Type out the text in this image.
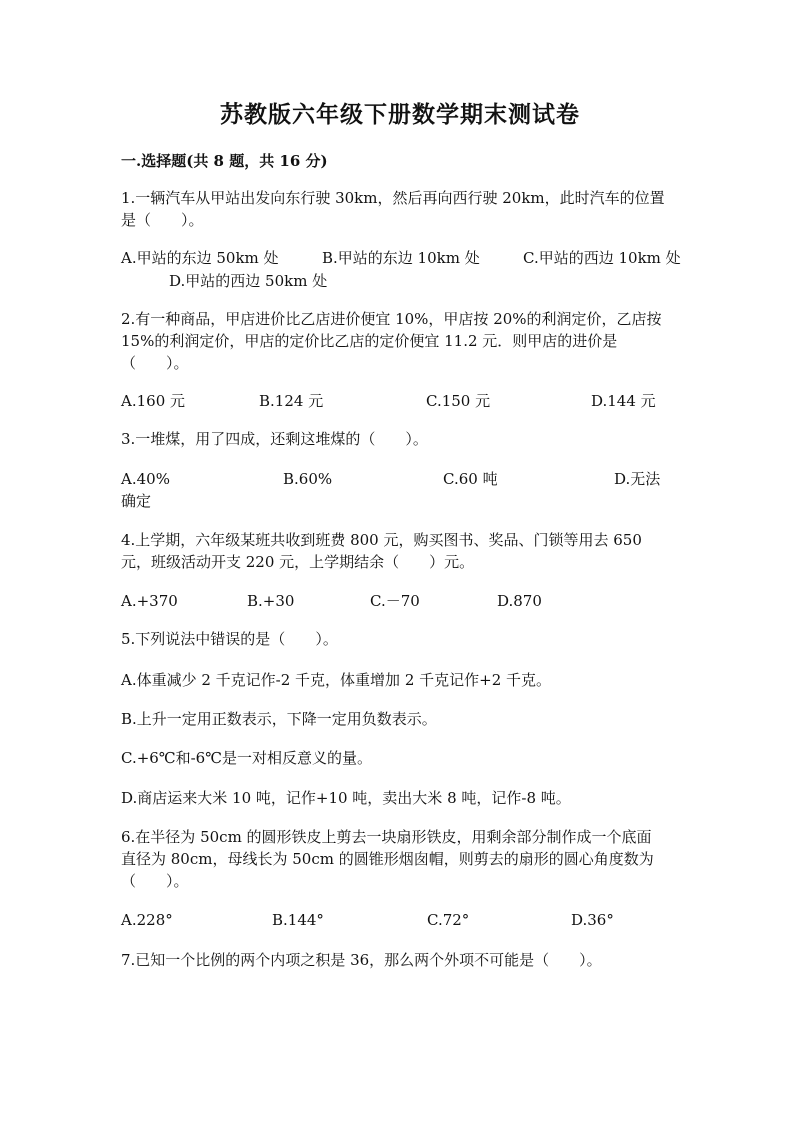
苏教版六年级下册数学期末测试卷
一.选择题(共 8 题，共 16 分)
1.一辆汽车从甲站出发向东行驶 30km，然后再向西行驶 20km，此时汽车的位置
是（　　）。
A.甲站的东边 50km 处	B.甲站的东边 10km 处	C.甲站的西边 10km 处
D.甲站的西边 50km 处
2.有一种商品，甲店进价比乙店进价便宜 10%，甲店按 20%的利润定价，乙店按
15%的利润定价，甲店的定价比乙店的定价便宜 11.2 元．则甲店的进价是
（　　）。
A.160 元	B.124 元	C.150 元	D.144 元
3.一堆煤，用了四成，还剩这堆煤的（　　）。
A.40%	B.60%	C.60 吨	D.无法
确定
4.上学期，六年级某班共收到班费 800 元，购买图书、奖品、门锁等用去 650
元，班级活动开支 220 元，上学期结余（　　）元。
A.+370	B.+30	C.－70	D.870
5.下列说法中错误的是（　　）。
A.体重减少 2 千克记作-2 千克，体重增加 2 千克记作+2 千克。
B.上升一定用正数表示，下降一定用负数表示。
C.+6℃和-6℃是一对相反意义的量。
D.商店运来大米 10 吨，记作+10 吨，卖出大米 8 吨，记作-8 吨。
6.在半径为 50cm 的圆形铁皮上剪去一块扇形铁皮，用剩余部分制作成一个底面
直径为 80cm，母线长为 50cm 的圆锥形烟囱帽，则剪去的扇形的圆心角度数为
（　　）。
A.228°	B.144°	C.72°	D.36°
7.已知一个比例的两个内项之积是 36，那么两个外项不可能是（　　）。
